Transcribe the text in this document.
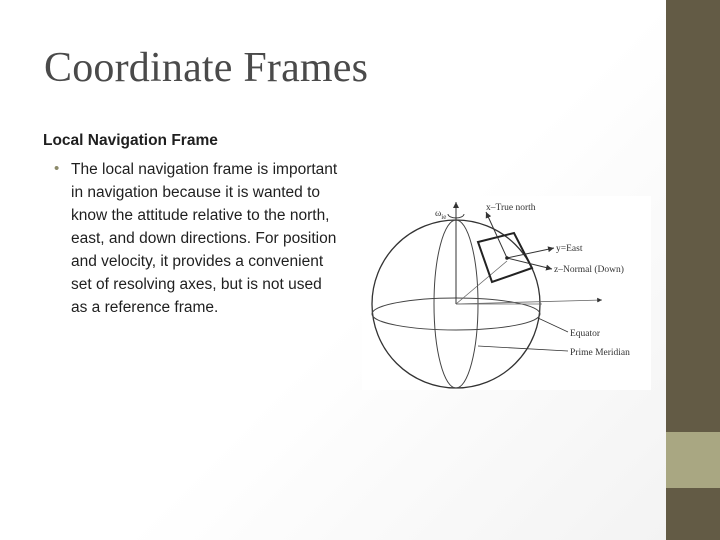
Coordinate Frames
Local Navigation Frame
• The local navigation frame is important in navigation because it is wanted to know the attitude relative to the north, east, and down directions. For position and velocity, it provides a convenient set of resolving axes, but is not used as a reference frame.
$\omega_{ie}$
x–True north
y=East
z–Normal (Down)
Equator
Prime Meridian
